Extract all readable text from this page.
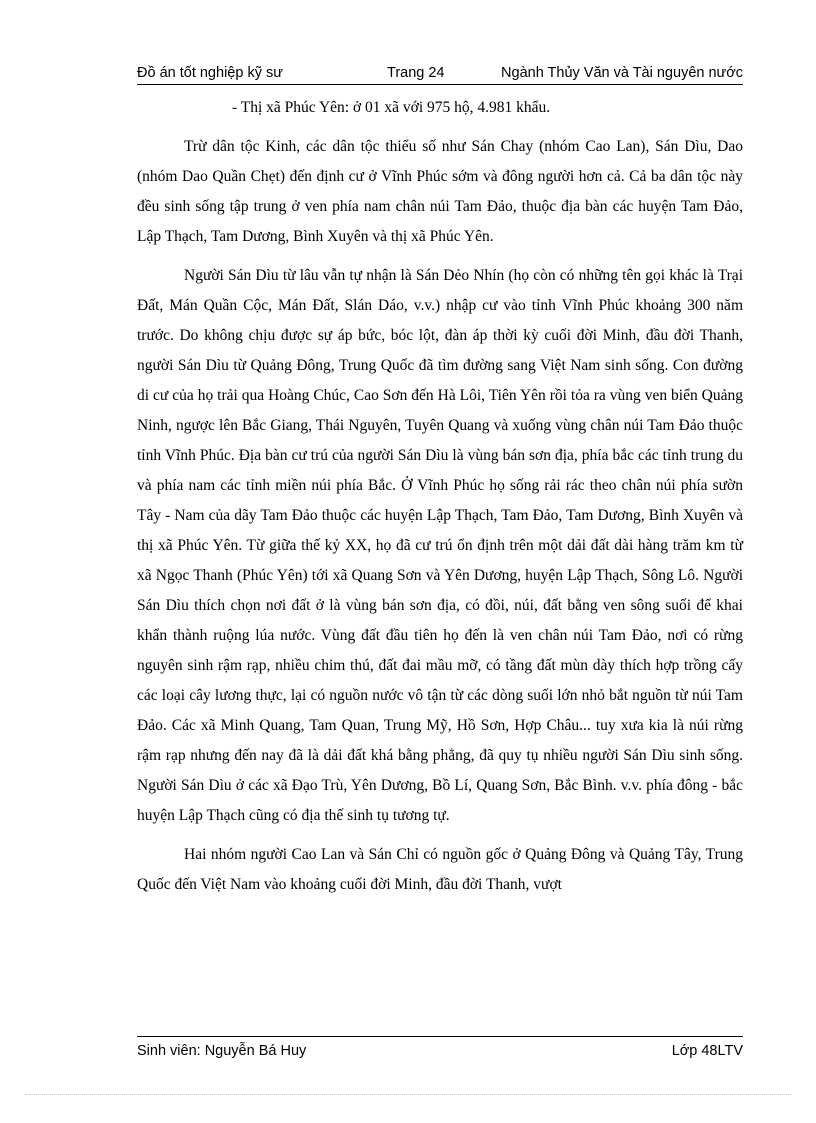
Đồ án tốt nghiệp kỹ sư	Trang 24	Ngành Thủy Văn và Tài nguyên nước

- Thị xã Phúc Yên: ở 01 xã với 975 hộ, 4.981 khẩu.

Trừ dân tộc Kinh, các dân tộc thiểu số như Sán Chay (nhóm Cao Lan), Sán Dìu, Dao (nhóm Dao Quần Chẹt) đến định cư ở Vĩnh Phúc sớm và đông người hơn cả. Cả ba dân tộc này đều sinh sống tập trung ở ven phía nam chân núi Tam Đảo, thuộc địa bàn các huyện Tam Đảo, Lập Thạch, Tam Dương, Bình Xuyên và thị xã Phúc Yên.

Người Sán Dìu từ lâu vẫn tự nhận là Sán Dẻo Nhín (họ còn có những tên gọi khác là Trại Đất, Mán Quần Cộc, Mán Đất, Slán Dáo, v.v.) nhập cư vào tỉnh Vĩnh Phúc khoảng 300 năm trước. Do không chịu được sự áp bức, bóc lột, đàn áp thời kỳ cuối đời Minh, đầu đời Thanh, người Sán Dìu từ Quảng Đông, Trung Quốc đã tìm đường sang Việt Nam sinh sống. Con đường di cư của họ trải qua Hoàng Chúc, Cao Sơn đến Hà Lôi, Tiên Yên rồi tỏa ra vùng ven biển Quảng Ninh, ngược lên Bắc Giang, Thái Nguyên, Tuyên Quang và xuống vùng chân núi Tam Đảo thuộc tỉnh Vĩnh Phúc. Địa bàn cư trú của người Sán Dìu là vùng bán sơn địa, phía bắc các tỉnh trung du và phía nam các tỉnh miền núi phía Bắc. Ở Vĩnh Phúc họ sống rải rác theo chân núi phía sườn Tây - Nam của dãy Tam Đảo thuộc các huyện Lập Thạch, Tam Đảo, Tam Dương, Bình Xuyên và thị xã Phúc Yên. Từ giữa thế kỷ XX, họ đã cư trú ổn định trên một dải đất dài hàng trăm km từ xã Ngọc Thanh (Phúc Yên) tới xã Quang Sơn và Yên Dương, huyện Lập Thạch, Sông Lô. Người Sán Dìu thích chọn nơi đất ở là vùng bán sơn địa, có đồi, núi, đất bằng ven sông suối để khai khẩn thành ruộng lúa nước. Vùng đất đầu tiên họ đến là ven chân núi Tam Đảo, nơi có rừng nguyên sinh rậm rạp, nhiều chim thú, đất đai mầu mỡ, có tầng đất mùn dày thích hợp trồng cấy các loại cây lương thực, lại có nguồn nước vô tận từ các dòng suối lớn nhỏ bắt nguồn từ núi Tam Đảo. Các xã Minh Quang, Tam Quan, Trung Mỹ, Hồ Sơn, Hợp Châu... tuy xưa kia là núi rừng rậm rạp nhưng đến nay đã là dải đất khá bằng phẳng, đã quy tụ nhiều người Sán Dìu sinh sống. Người Sán Dìu ở các xã Đạo Trù, Yên Dương, Bồ Lí, Quang Sơn, Bắc Bình. v.v. phía đông - bắc huyện Lập Thạch cũng có địa thế sinh tụ tương tự.

Hai nhóm người Cao Lan và Sán Chỉ có nguồn gốc ở Quảng Đông và Quảng Tây, Trung Quốc đến Việt Nam vào khoảng cuối đời Minh, đầu đời Thanh, vượt

Sinh viên: Nguyễn Bá Huy	Lớp 48LTV
